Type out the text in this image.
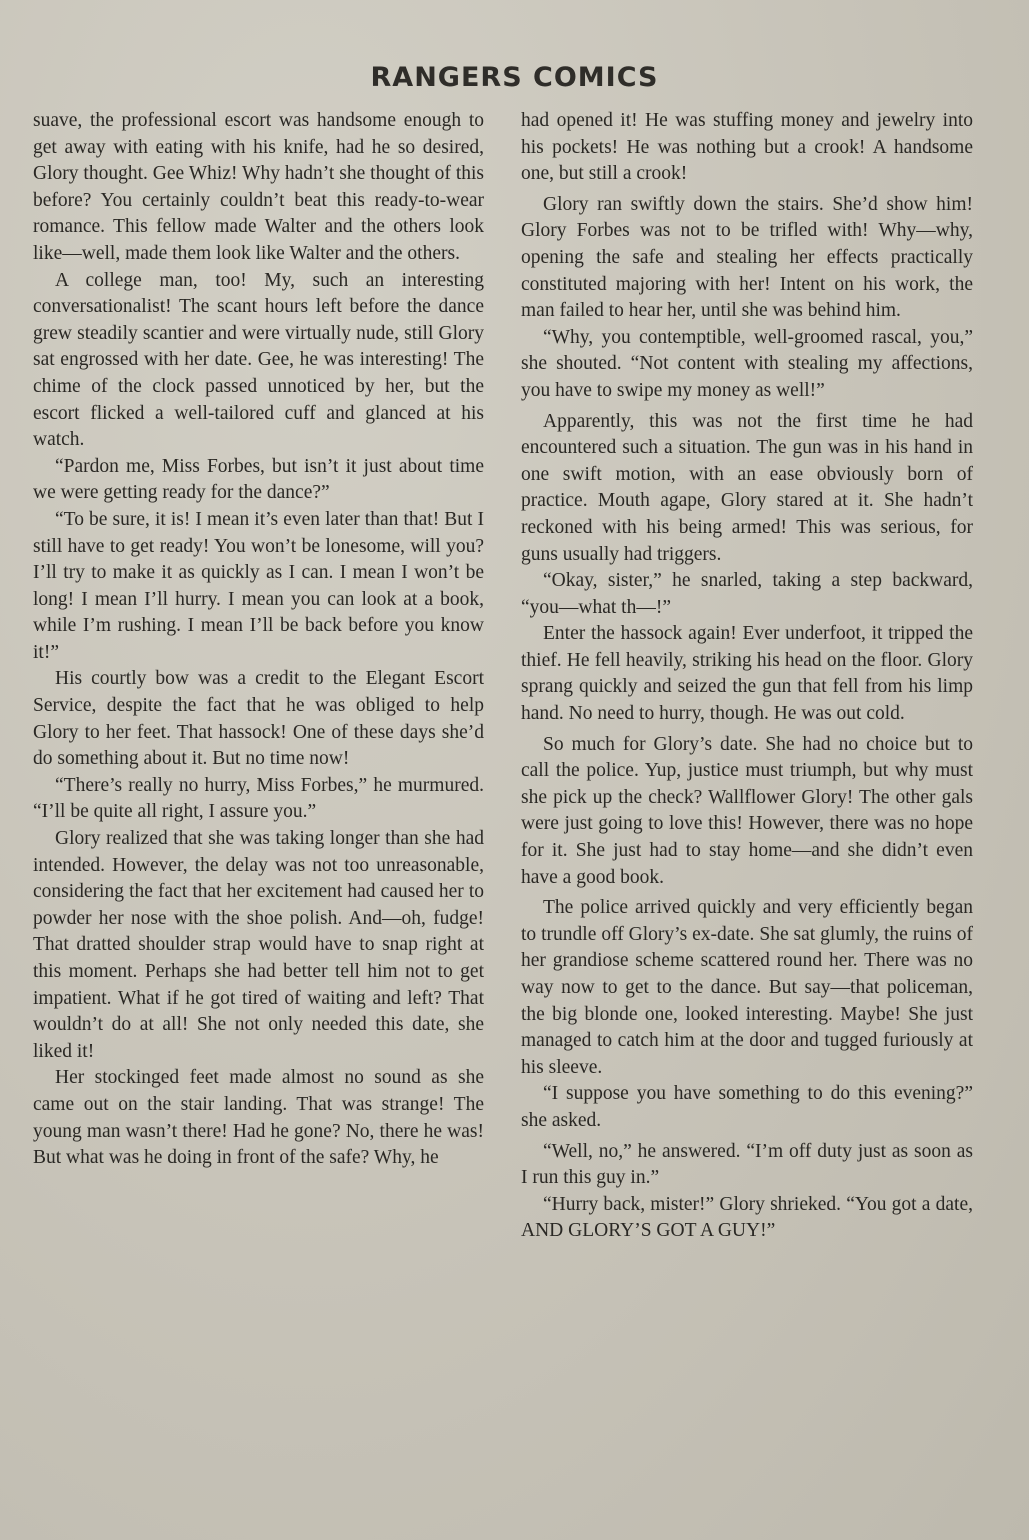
RANGERS COMICS

suave, the professional escort was handsome enough to get away with eating with his knife, had he so desired, Glory thought. Gee Whiz! Why hadn’t she thought of this before? You certainly couldn’t beat this ready-to-wear romance. This fellow made Walter and the others look like—well, made them look like Walter and the others.

A college man, too! My, such an interesting conversationalist! The scant hours left before the dance grew steadily scantier and were virtually nude, still Glory sat engrossed with her date. Gee, he was interesting! The chime of the clock passed unnoticed by her, but the escort flicked a well-tailored cuff and glanced at his watch.

“Pardon me, Miss Forbes, but isn’t it just about time we were getting ready for the dance?”

“To be sure, it is! I mean it’s even later than that! But I still have to get ready! You won’t be lonesome, will you? I’ll try to make it as quickly as I can. I mean I won’t be long! I mean I’ll hurry. I mean you can look at a book, while I’m rushing. I mean I’ll be back before you know it!”

His courtly bow was a credit to the Elegant Escort Service, despite the fact that he was obliged to help Glory to her feet. That hassock! One of these days she’d do something about it. But no time now!

“There’s really no hurry, Miss Forbes,” he murmured. “I’ll be quite all right, I assure you.”

Glory realized that she was taking longer than she had intended. However, the delay was not too unreasonable, considering the fact that her excitement had caused her to powder her nose with the shoe polish. And—oh, fudge! That dratted shoulder strap would have to snap right at this moment. Perhaps she had better tell him not to get impatient. What if he got tired of waiting and left? That wouldn’t do at all! She not only needed this date, she liked it!

Her stockinged feet made almost no sound as she came out on the stair landing. That was strange! The young man wasn’t there! Had he gone? No, there he was! But what was he doing in front of the safe? Why, he

had opened it! He was stuffing money and jewelry into his pockets! He was nothing but a crook! A handsome one, but still a crook!

Glory ran swiftly down the stairs. She’d show him! Glory Forbes was not to be trifled with! Why—why, opening the safe and stealing her effects practically constituted majoring with her! Intent on his work, the man failed to hear her, until she was behind him.

“Why, you contemptible, well-groomed rascal, you,” she shouted. “Not content with stealing my affections, you have to swipe my money as well!”

Apparently, this was not the first time he had encountered such a situation. The gun was in his hand in one swift motion, with an ease obviously born of practice. Mouth agape, Glory stared at it. She hadn’t reckoned with his being armed! This was serious, for guns usually had triggers.

“Okay, sister,” he snarled, taking a step backward, “you—what th—!”

Enter the hassock again! Ever underfoot, it tripped the thief. He fell heavily, striking his head on the floor. Glory sprang quickly and seized the gun that fell from his limp hand. No need to hurry, though. He was out cold.

So much for Glory’s date. She had no choice but to call the police. Yup, justice must triumph, but why must she pick up the check? Wallflower Glory! The other gals were just going to love this! However, there was no hope for it. She just had to stay home—and she didn’t even have a good book.

The police arrived quickly and very efficiently began to trundle off Glory’s ex-date. She sat glumly, the ruins of her grandiose scheme scattered round her. There was no way now to get to the dance. But say—that policeman, the big blonde one, looked interesting. Maybe! She just managed to catch him at the door and tugged furiously at his sleeve.

“I suppose you have something to do this evening?” she asked.

“Well, no,” he answered. “I’m off duty just as soon as I run this guy in.”

“Hurry back, mister!” Glory shrieked. “You got a date, AND GLORY’S GOT A GUY!”
